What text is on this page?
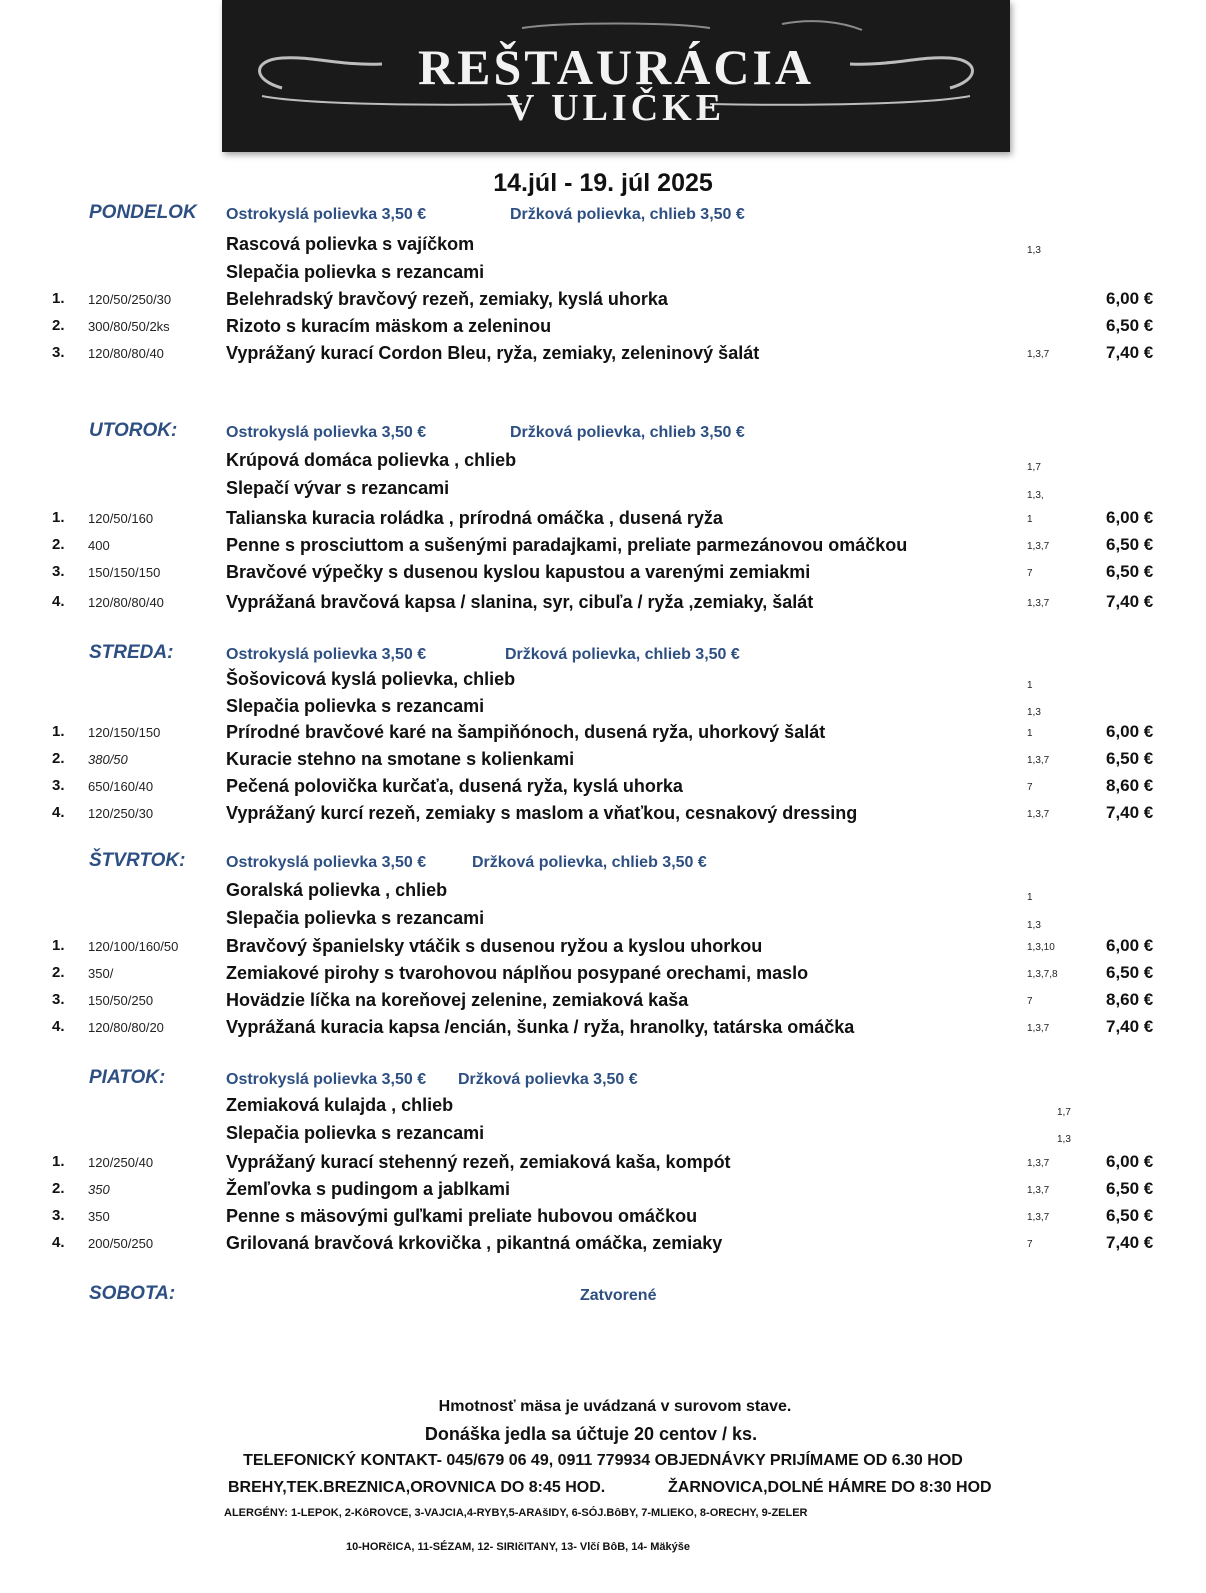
REŠTAURÁCIA
V ULIČKE
14.júl - 19. júl 2025
PONDELOK Ostrokyslá polievka 3,50 €	Držková polievka, chlieb 3,50 €
Rascová polievka s vajíčkom	1,3
Slepačia polievka s rezancami
1. 120/50/250/30	Belehradský bravčový rezeň, zemiaky, kyslá uhorka	6,00 €
2. 300/80/50/2ks	Rizoto s kuracím mäskom a zeleninou	6,50 €
3. 120/80/80/40	Vyprážaný kurací Cordon Bleu, ryža, zemiaky, zeleninový šalát	1,3,7	7,40 €
UTOROK:	Ostrokyslá polievka 3,50 €	Držková polievka, chlieb 3,50 €
Krúpová domáca polievka , chlieb	1,7
Slepačí vývar s rezancami	1,3,
1. 120/50/160	Talianska kuracia roládka , prírodná omáčka , dusená ryža	1	6,00 €
2. 400	Penne s prosciuttom a sušenými paradajkami, preliate parmezánovou omáčkou	1,3,7	6,50 €
3. 150/150/150	Bravčové výpečky s dusenou kyslou kapustou a varenými zemiakmi	7	6,50 €
4. 120/80/80/40	Vyprážaná bravčová kapsa / slanina, syr, cibuľa / ryža ,zemiaky, šalát	1,3,7	7,40 €
STREDA:	Ostrokyslá polievka 3,50 €	Držková polievka, chlieb 3,50 €
Šošovicová kyslá polievka, chlieb	1
Slepačia polievka s rezancami	1,3
1. 120/150/150	Prírodné bravčové karé na šampiňónoch, dusená ryža, uhorkový šalát	1	6,00 €
2. 380/50	Kuracie stehno na smotane s kolienkami	1,3,7	6,50 €
3. 650/160/40	Pečená polovička kurčaťa, dusená ryža, kyslá uhorka	7	8,60 €
4. 120/250/30	Vyprážaný kurcí rezeň, zemiaky s maslom a vňaťkou, cesnakový dressing	1,3,7	7,40 €
ŠTVRTOK:	Ostrokyslá polievka 3,50 €	Držková polievka, chlieb 3,50 €
Goralská polievka , chlieb	1
Slepačia polievka s rezancami	1,3
1. 120/100/160/50	Bravčový španielsky vtáčik s dusenou ryžou a kyslou uhorkou	1,3,10	6,00 €
2. 350/	Zemiakové pirohy s tvarohovou náplňou posypané orechami, maslo	1,3,7,8	6,50 €
3. 150/50/250	Hovädzie líčka na koreňovej zelenine, zemiaková kaša	7	8,60 €
4. 120/80/80/20	Vyprážaná kuracia kapsa /encián, šunka / ryža, hranolky, tatárska omáčka	1,3,7	7,40 €
PIATOK:	Ostrokyslá polievka 3,50 € Držková polievka 3,50 €
Zemiaková kulajda , chlieb	1,7
Slepačia polievka s rezancami	1,3
1. 120/250/40	Vyprážaný kurací stehenný rezeň, zemiaková kaša, kompót	1,3,7	6,00 €
2. 350	Žemľovka s pudingom a jablkami	1,3,7	6,50 €
3. 350	Penne s mäsovými guľkami preliate hubovou omáčkou	1,3,7	6,50 €
4. 200/50/250	Grilovaná bravčová krkovička , pikantná omáčka, zemiaky	7	7,40 €
SOBOTA:	Zatvorené
Hmotnosť mäsa je uvádzaná v surovom stave.
Donáška jedla sa účtuje 20 centov / ks.
TELEFONICKÝ KONTAKT- 045/679 06 49, 0911 779934 OBJEDNÁVKY PRIJÍMAME OD 6.30 HOD
BREHY,TEK.BREZNICA,OROVNICA DO 8:45 HOD.	ŽARNOVICA,DOLNÉ HÁMRE DO 8:30 HOD
ALERGÉNY: 1-LEPOK, 2-KôROVCE, 3-VAJCIA,4-RYBY,5-ARAšIDY, 6-SÓJ.BôBY, 7-MLIEKO, 8-ORECHY, 9-ZELER
10-HORčICA, 11-SÉZAM, 12- SIRIčITANY, 13- Vlčí BôB, 14- Mäkýše
